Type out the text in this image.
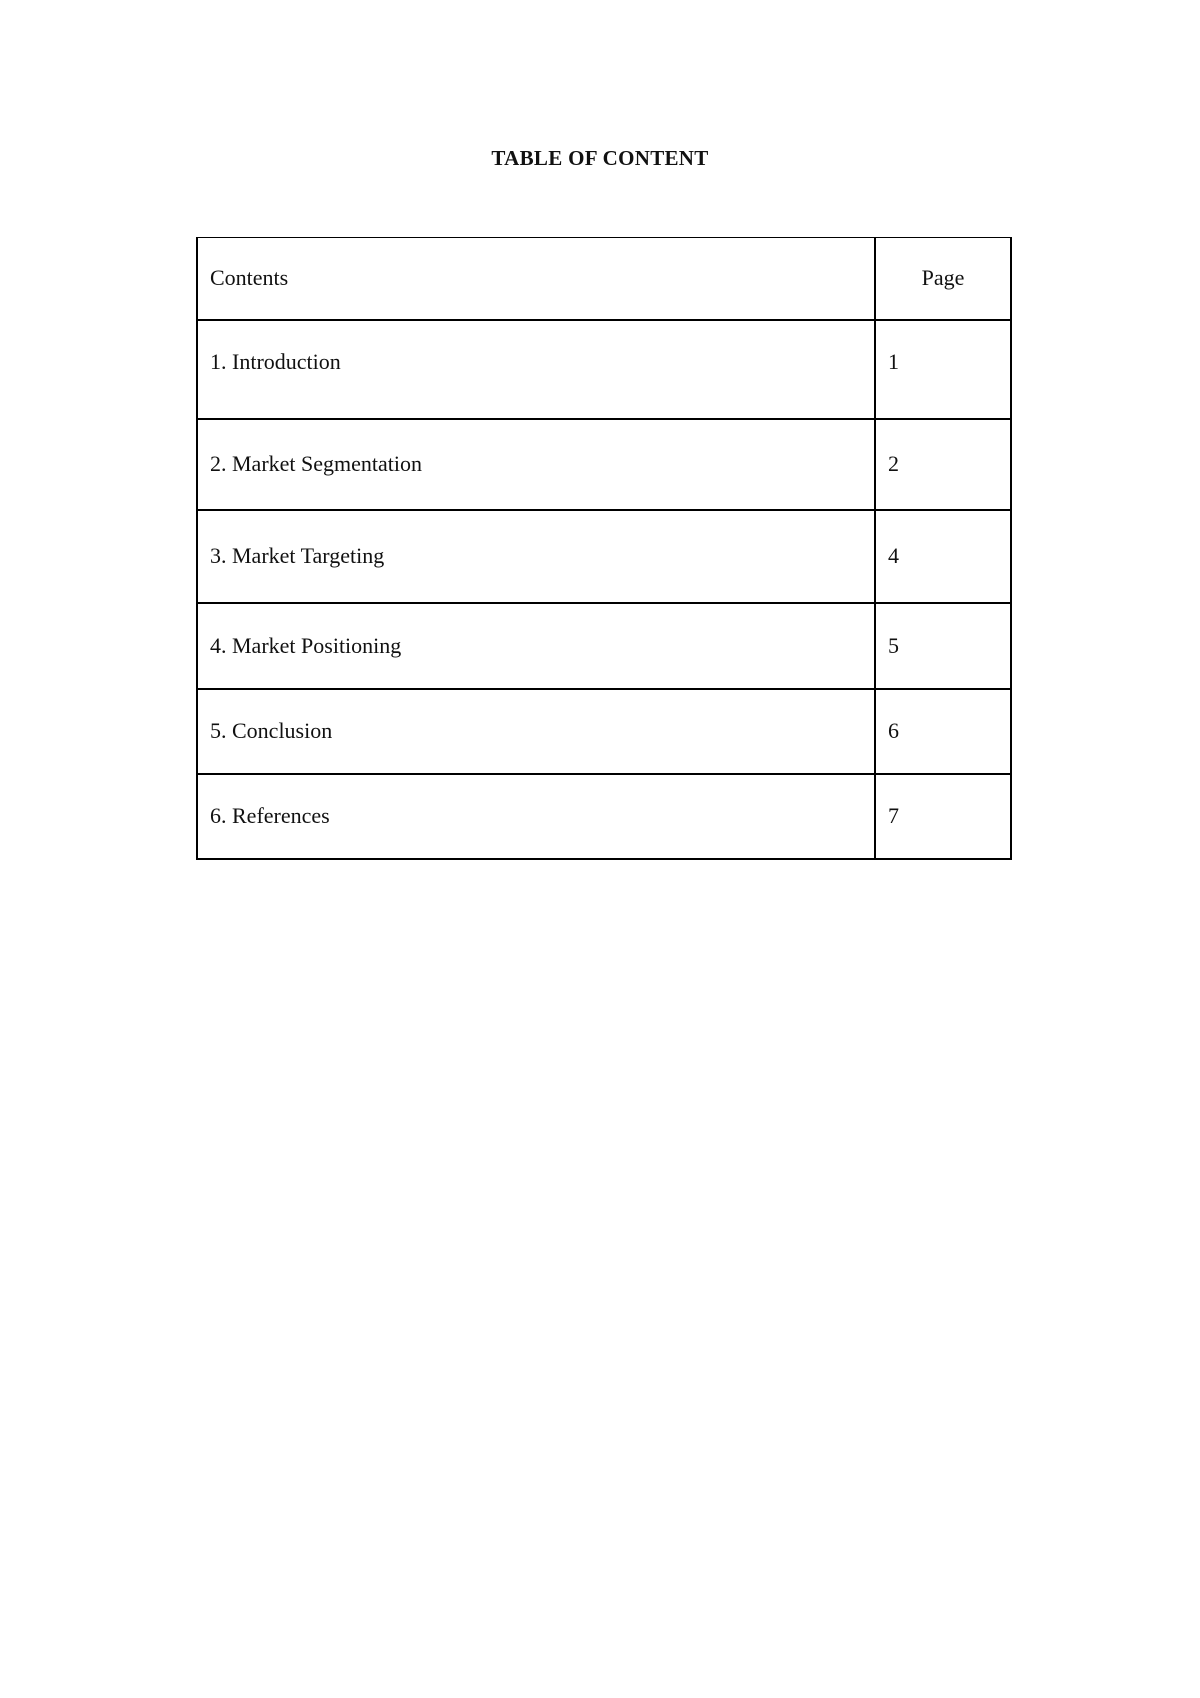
TABLE OF CONTENT
Contents	Page
1. Introduction	1
2. Market Segmentation	2
3. Market Targeting	4
4. Market Positioning	5
5. Conclusion	6
6. References	7
